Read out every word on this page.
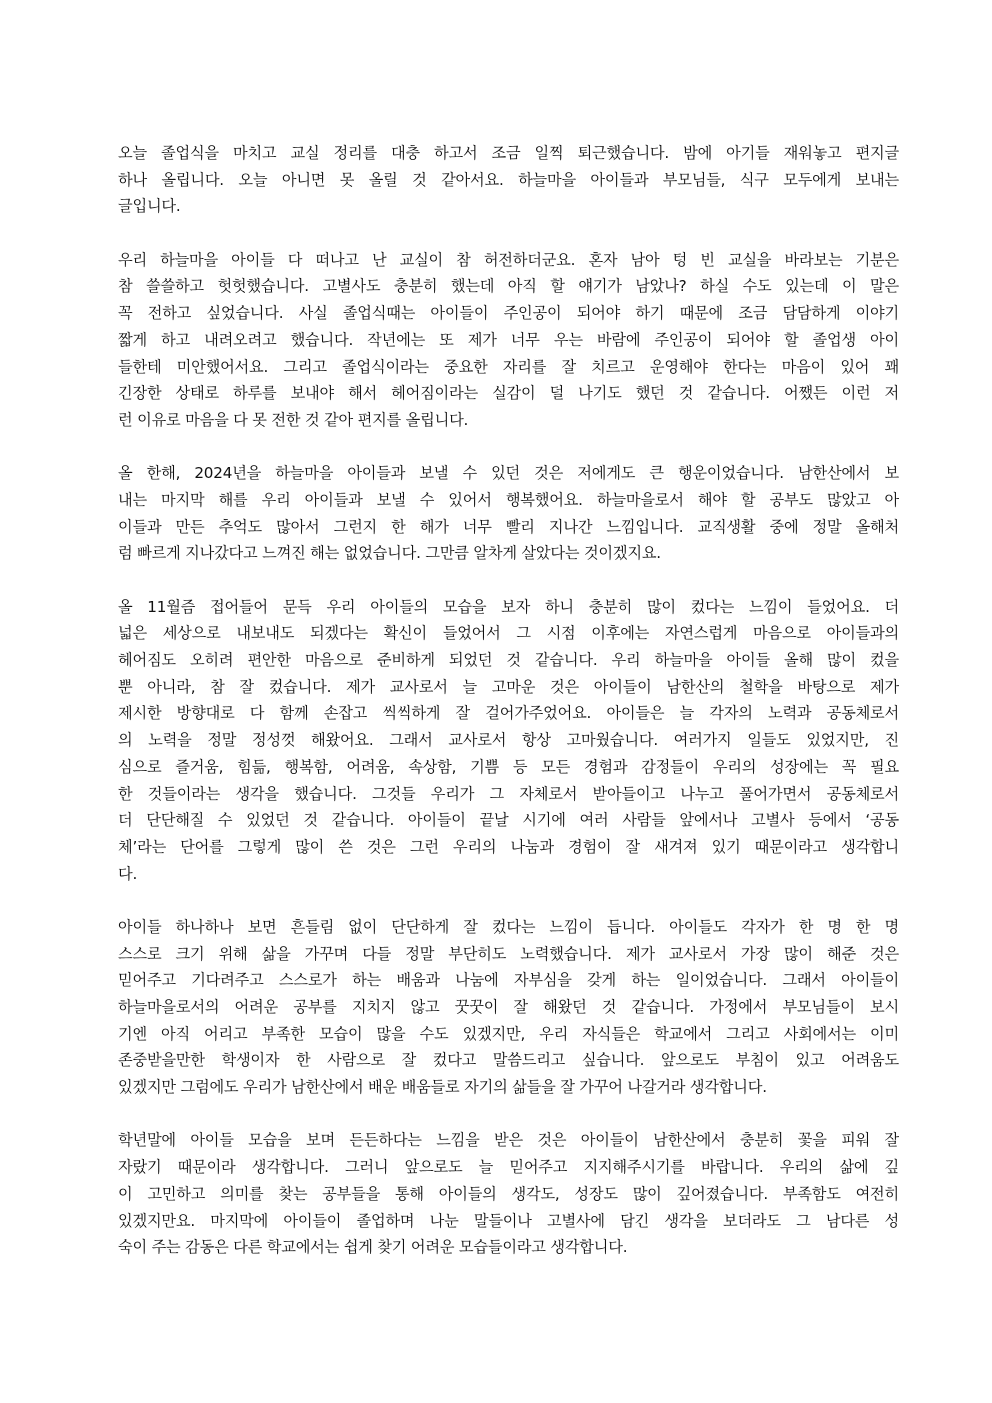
오늘 졸업식을 마치고 교실 정리를 대충 하고서 조금 일찍 퇴근했습니다. 밤에 아기들 재워놓고 편지글
하나 올립니다. 오늘 아니면 못 올릴 것 같아서요. 하늘마을 아이들과 부모님들, 식구 모두에게 보내는
글입니다.
우리 하늘마을 아이들 다 떠나고 난 교실이 참 허전하더군요. 혼자 남아 텅 빈 교실을 바라보는 기분은
참 쓸쓸하고 헛헛했습니다. 고별사도 충분히 했는데 아직 할 얘기가 남았나? 하실 수도 있는데 이 말은
꼭 전하고 싶었습니다. 사실 졸업식때는 아이들이 주인공이 되어야 하기 때문에 조금 담담하게 이야기
짧게 하고 내려오려고 했습니다. 작년에는 또 제가 너무 우는 바람에 주인공이 되어야 할 졸업생 아이
들한테 미안했어서요. 그리고 졸업식이라는 중요한 자리를 잘 치르고 운영해야 한다는 마음이 있어 꽤
긴장한 상태로 하루를 보내야 해서 헤어짐이라는 실감이 덜 나기도 했던 것 같습니다. 어쨌든 이런 저
런 이유로 마음을 다 못 전한 것 같아 편지를 올립니다.
올 한해, 2024년을 하늘마을 아이들과 보낼 수 있던 것은 저에게도 큰 행운이었습니다. 남한산에서 보
내는 마지막 해를 우리 아이들과 보낼 수 있어서 행복했어요. 하늘마을로서 해야 할 공부도 많았고 아
이들과 만든 추억도 많아서 그런지 한 해가 너무 빨리 지나간 느낌입니다. 교직생활 중에 정말 올해처
럼 빠르게 지나갔다고 느껴진 해는 없었습니다. 그만큼 알차게 살았다는 것이겠지요.
올 11월즘 접어들어 문득 우리 아이들의 모습을 보자 하니 충분히 많이 컸다는 느낌이 들었어요. 더
넓은 세상으로 내보내도 되겠다는 확신이 들었어서 그 시점 이후에는 자연스럽게 마음으로 아이들과의
헤어짐도 오히려 편안한 마음으로 준비하게 되었던 것 같습니다. 우리 하늘마을 아이들 올해 많이 컸을
뿐 아니라, 참 잘 컸습니다. 제가 교사로서 늘 고마운 것은 아이들이 남한산의 철학을 바탕으로 제가
제시한 방향대로 다 함께 손잡고 씩씩하게 잘 걸어가주었어요. 아이들은 늘 각자의 노력과 공동체로서
의 노력을 정말 정성껏 해왔어요. 그래서 교사로서 항상 고마웠습니다. 여러가지 일들도 있었지만, 진
심으로 즐거움, 힘듦, 행복함, 어려움, 속상함, 기쁨 등 모든 경험과 감정들이 우리의 성장에는 꼭 필요
한 것들이라는 생각을 했습니다. 그것들 우리가 그 자체로서 받아들이고 나누고 풀어가면서 공동체로서
더 단단해질 수 있었던 것 같습니다. 아이들이 끝날 시기에 여러 사람들 앞에서나 고별사 등에서 ‘공동
체’라는 단어를 그렇게 많이 쓴 것은 그런 우리의 나눔과 경험이 잘 새겨져 있기 때문이라고 생각합니
다.
아이들 하나하나 보면 흔들림 없이 단단하게 잘 컸다는 느낌이 듭니다. 아이들도 각자가 한 명 한 명
스스로 크기 위해 삶을 가꾸며 다들 정말 부단히도 노력했습니다. 제가 교사로서 가장 많이 해준 것은
믿어주고 기다려주고 스스로가 하는 배움과 나눔에 자부심을 갖게 하는 일이었습니다. 그래서 아이들이
하늘마을로서의 어려운 공부를 지치지 않고 꿋꿋이 잘 해왔던 것 같습니다. 가정에서 부모님들이 보시
기엔 아직 어리고 부족한 모습이 많을 수도 있겠지만, 우리 자식들은 학교에서 그리고 사회에서는 이미
존중받을만한 학생이자 한 사람으로 잘 컸다고 말씀드리고 싶습니다. 앞으로도 부침이 있고 어려움도
있겠지만 그럼에도 우리가 남한산에서 배운 배움들로 자기의 삶들을 잘 가꾸어 나갈거라 생각합니다.
학년말에 아이들 모습을 보며 든든하다는 느낌을 받은 것은 아이들이 남한산에서 충분히 꽃을 피워 잘
자랐기 때문이라 생각합니다. 그러니 앞으로도 늘 믿어주고 지지해주시기를 바랍니다. 우리의 삶에 깊
이 고민하고 의미를 찾는 공부들을 통해 아이들의 생각도, 성장도 많이 깊어졌습니다. 부족함도 여전히
있겠지만요. 마지막에 아이들이 졸업하며 나눈 말들이나 고별사에 담긴 생각을 보더라도 그 남다른 성
숙이 주는 감동은 다른 학교에서는 쉽게 찾기 어려운 모습들이라고 생각합니다.
